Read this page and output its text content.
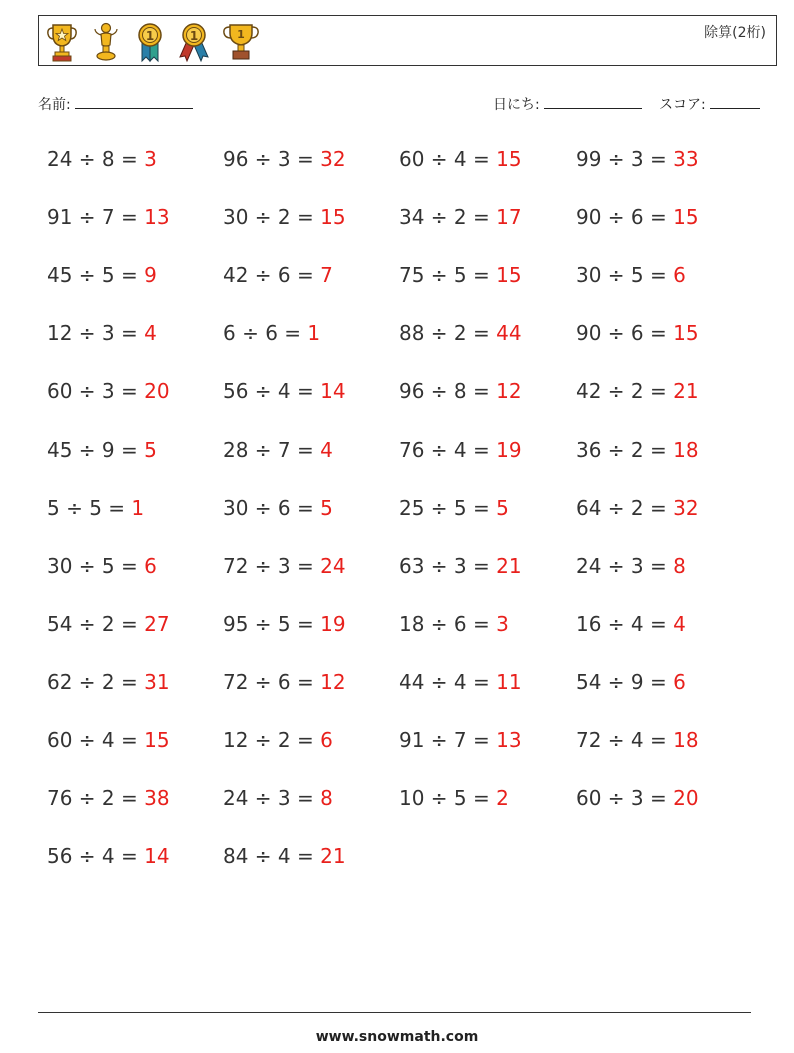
1	1	1	除算(2桁)
名前:	日にち:	スコア:
24 ÷ 8 = 3	96 ÷ 3 = 32	60 ÷ 4 = 15	99 ÷ 3 = 33
91 ÷ 7 = 13	30 ÷ 2 = 15	34 ÷ 2 = 17	90 ÷ 6 = 15
45 ÷ 5 = 9	42 ÷ 6 = 7	75 ÷ 5 = 15	30 ÷ 5 = 6
12 ÷ 3 = 4	6 ÷ 6 = 1	88 ÷ 2 = 44	90 ÷ 6 = 15
60 ÷ 3 = 20	56 ÷ 4 = 14	96 ÷ 8 = 12	42 ÷ 2 = 21
45 ÷ 9 = 5	28 ÷ 7 = 4	76 ÷ 4 = 19	36 ÷ 2 = 18
5 ÷ 5 = 1	30 ÷ 6 = 5	25 ÷ 5 = 5	64 ÷ 2 = 32
30 ÷ 5 = 6	72 ÷ 3 = 24	63 ÷ 3 = 21	24 ÷ 3 = 8
54 ÷ 2 = 27	95 ÷ 5 = 19	18 ÷ 6 = 3	16 ÷ 4 = 4
62 ÷ 2 = 31	72 ÷ 6 = 12	44 ÷ 4 = 11	54 ÷ 9 = 6
60 ÷ 4 = 15	12 ÷ 2 = 6	91 ÷ 7 = 13	72 ÷ 4 = 18
76 ÷ 2 = 38	24 ÷ 3 = 8	10 ÷ 5 = 2	60 ÷ 3 = 20
56 ÷ 4 = 14	84 ÷ 4 = 21
www.snowmath.com
